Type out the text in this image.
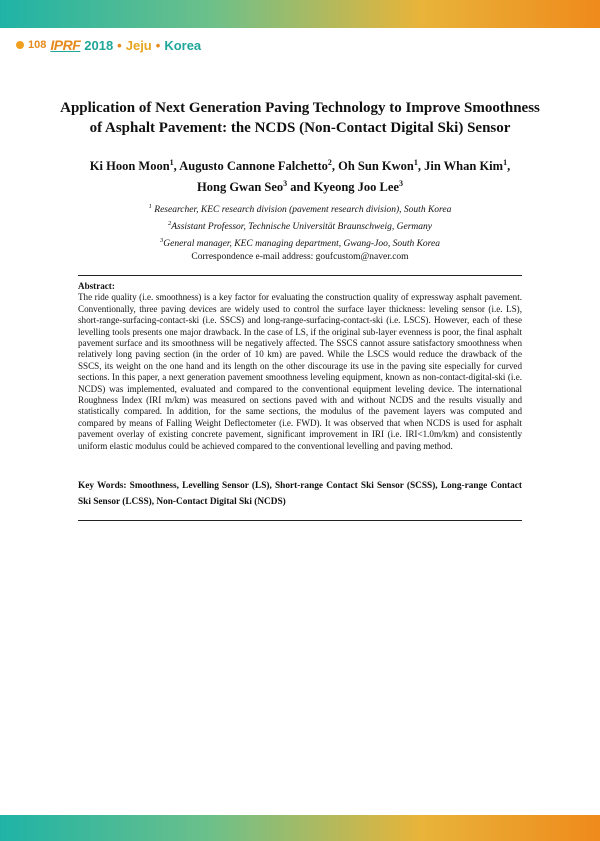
108 IPRF 2018 • Jeju • Korea
Application of Next Generation Paving Technology to Improve Smoothness
of Asphalt Pavement: the NCDS (Non-Contact Digital Ski) Sensor
Ki Hoon Moon$^1$, Augusto Cannone Falchetto$^2$, Oh Sun Kwon$^1$, Jin Whan Kim$^1$,
Hong Gwan Seo$^3$ and Kyeong Joo Lee$^3$
$^1$ Researcher, KEC research division (pavement research division), South Korea
$^2$Assistant Professor, Technische Universität Braunschweig, Germany
$^3$General manager, KEC managing department, Gwang-Joo, South Korea
Correspondence e-mail address: goufcustom@naver.com
Abstract:
The ride quality (i.e. smoothness) is a key factor for evaluating the construction quality of expressway asphalt pavement. Conventionally, three paving devices are widely used to control the surface layer thickness: leveling sensor (i.e. LS), short-range-surfacing-contact-ski (i.e. SSCS) and long-range-surfacing-contact-ski (i.e. LSCS). However, each of these levelling tools presents one major drawback. In the case of LS, if the original sub-layer evenness is poor, the final asphalt pavement surface and its smoothness will be negatively affected. The SSCS cannot assure satisfactory smoothness when relatively long paving section (in the order of 10 km) are paved. While the LSCS would reduce the drawback of the SSCS, its weight on the one hand and its length on the other discourage its use in the paving site especially for curved sections. In this paper, a next generation pavement smoothness leveling equipment, known as non-contact-digital-ski (i.e. NCDS) was implemented, evaluated and compared to the conventional equipment leveling device. The international Roughness Index (IRI m/km) was measured on sections paved with and without NCDS and the results visually and statistically compared. In addition, for the same sections, the modulus of the pavement layers was computed and compared by means of Falling Weight Deflectometer (i.e. FWD). It was observed that when NCDS is used for asphalt pavement overlay of existing concrete pavement, significant improvement in IRI (i.e. IRI<1.0m/km) and consistently uniform elastic modulus could be achieved compared to the conventional levelling and paving method.
Key Words: Smoothness, Levelling Sensor (LS), Short-range Contact Ski Sensor (SCSS), Long-range Contact Ski Sensor (LCSS), Non-Contact Digital Ski (NCDS)
